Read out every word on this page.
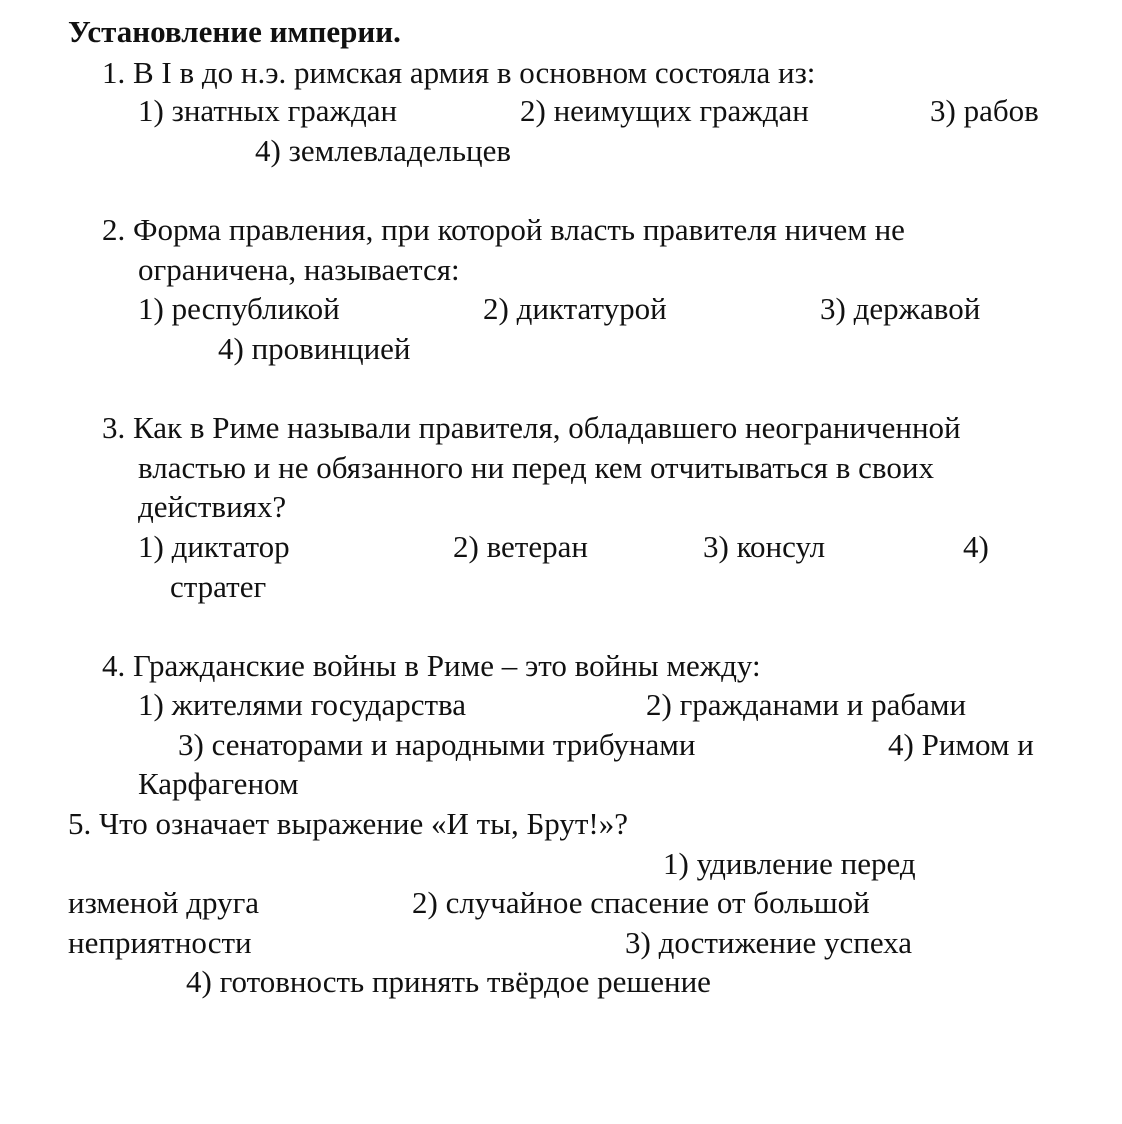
Установление империи.
1. В I в до н.э. римская армия в основном состояла из:
1) знатных граждан	2) неимущих граждан	3) рабов
4) землевладельцев
2. Форма правления, при которой власть правителя ничем не
ограничена, называется:
1) республикой	2) диктатурой	3) державой
4) провинцией
3. Как в Риме называли правителя, обладавшего неограниченной
властью и не обязанного ни перед кем отчитываться в своих
действиях?
1) диктатор	2) ветеран	3) консул	4)
стратег
4. Гражданские войны в Риме – это войны между:
1) жителями государства	2) гражданами и рабами
3) сенаторами и народными трибунами	4) Римом и
Карфагеном
5. Что означает выражение «И ты, Брут!»?
1) удивление перед
изменой друга	2) случайное спасение от большой
неприятности	3) достижение успеха
4) готовность принять твёрдое решение
